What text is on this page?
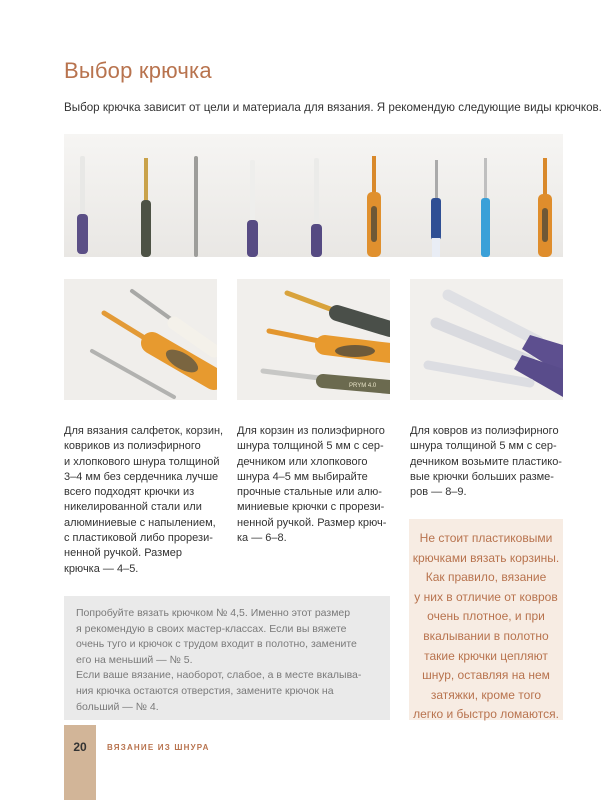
Выбор крючка

Выбор крючка зависит от цели и материала для вязания. Я рекомендую следующие виды крючков.

PRYM 4.0

Для вязания салфеток, корзин,

ковриков из полиэфирного

и хлопкового шнура толщиной

3–4 мм без сердечника лучше

всего подходят крючки из

никелированной стали или

алюминиевые с напылением,

с пластиковой либо прорези-

ненной ручкой. Размер

крючка — 4–5.

Для корзин из полиэфирного

шнура толщиной 5 мм с сер-

дечником или хлопкового

шнура 4–5 мм выбирайте

прочные стальные или алю-

миниевые крючки с прорези-

ненной ручкой. Размер крюч-

ка — 6–8.

Для ковров из полиэфирного

шнура толщиной 5 мм с сер-

дечником возьмите пластико-

вые крючки больших разме-

ров — 8–9.

Не стоит пластиковыми

крючками вязать корзины.

Как правило, вязание

у них в отличие от ковров

очень плотное, и при

вкалывании в полотно

такие крючки цепляют

шнур, оставляя на нем

затяжки, кроме того

легко и быстро ломаются.

Попробуйте вязать крючком № 4,5. Именно этот размер

я рекомендую в своих мастер-классах. Если вы вяжете

очень туго и крючок с трудом входит в полотно, замените

его на меньший — № 5.

Если ваше вязание, наоборот, слабое, а в месте вкалыва-

ния крючка остаются отверстия, замените крючок на

больший — № 4.

20	ВЯЗАНИЕ ИЗ ШНУРА
